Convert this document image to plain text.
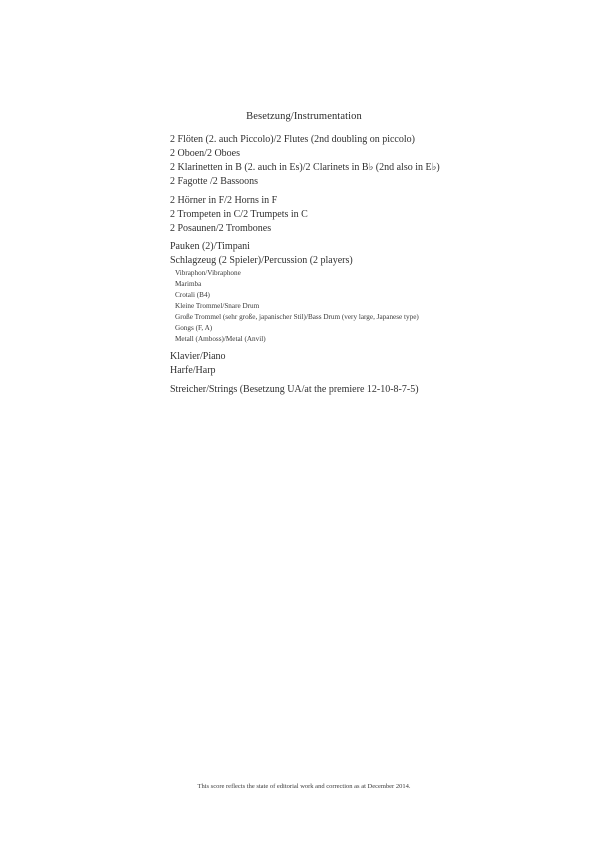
Besetzung/Instrumentation
2 Flöten (2. auch Piccolo)/2 Flutes (2nd doubling on piccolo)
2 Oboen/2 Oboes
2 Klarinetten in B (2. auch in Es)/2 Clarinets in B♭ (2nd also in E♭)
2 Fagotte /2 Bassoons
2 Hörner in F/2 Horns in F
2 Trompeten in C/2 Trumpets in C
2 Posaunen/2 Trombones
Pauken (2)/Timpani
Schlagzeug (2 Spieler)/Percussion (2 players)
Vibraphon/Vibraphone
Marimba
Crotali (B4)
Kleine Trommel/Snare Drum
Große Trommel (sehr große, japanischer Stil)/Bass Drum (very large, Japanese type)
Gongs (F, A)
Metall (Amboss)/Metal (Anvil)
Klavier/Piano
Harfe/Harp
Streicher/Strings (Besetzung UA/at the premiere 12-10-8-7-5)
This score reflects the state of editorial work and correction as at December 2014.
